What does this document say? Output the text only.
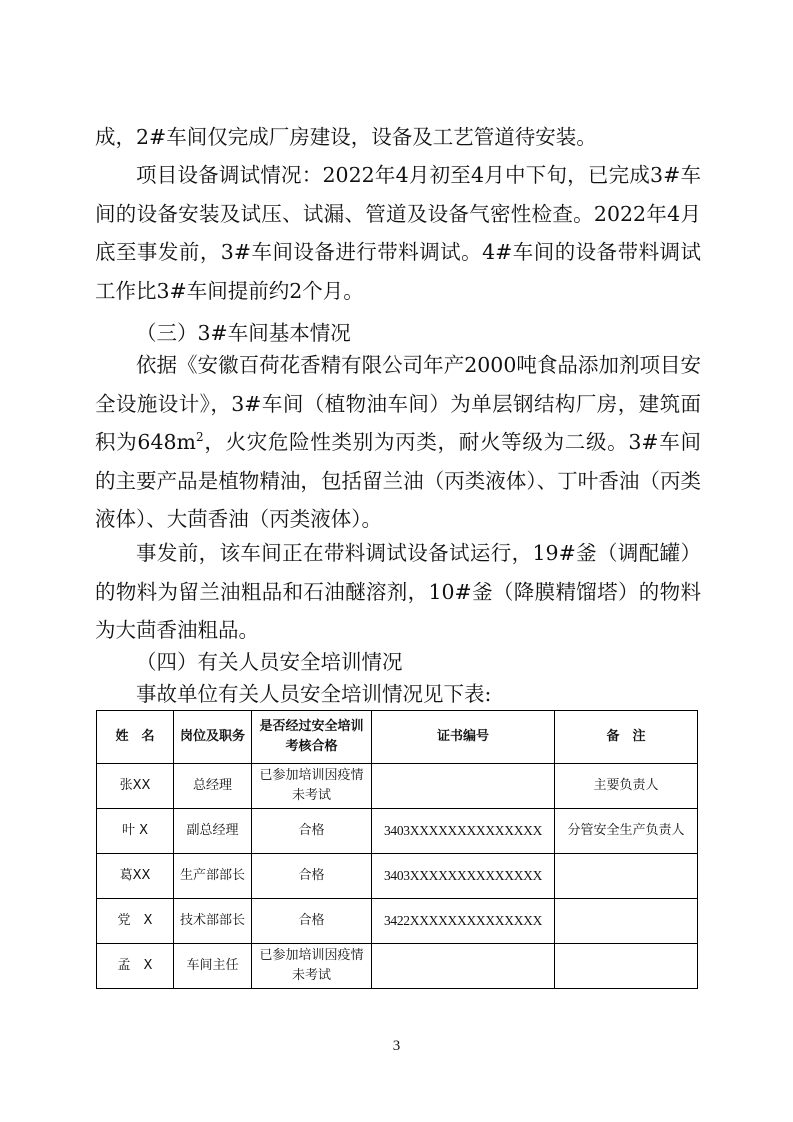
成，2#车间仅完成厂房建设，设备及工艺管道待安装。

项目设备调试情况：2022年4月初至4月中下旬，已完成3#车间的设备安装及试压、试漏、管道及设备气密性检查。2022年4月底至事发前，3#车间设备进行带料调试。4#车间的设备带料调试工作比3#车间提前约2个月。

（三）3#车间基本情况

依据《安徽百荷花香精有限公司年产2000吨食品添加剂项目安全设施设计》，3#车间（植物油车间）为单层钢结构厂房，建筑面积为$648m^2$，火灾危险性类别为丙类，耐火等级为二级。3#车间的主要产品是植物精油，包括留兰油（丙类液体）、丁叶香油（丙类液体）、大茴香油（丙类液体）。

事发前，该车间正在带料调试设备试运行，19#釜（调配罐）的物料为留兰油粗品和石油醚溶剂，10#釜（降膜精馏塔）的物料为大茴香油粗品。

（四）有关人员安全培训情况
事故单位有关人员安全培训情况见下表:
姓　名	岗位及职务	是否经过安全培训考核合格	证书编号	备　注
张XX	总经理	已参加培训因疫情未考试		主要负责人
叶 X	副总经理	合格	3403XXXXXXXXXXXXXX	分管安全生产负责人
葛XX	生产部部长	合格	3403XXXXXXXXXXXXXX	
党　X	技术部部长	合格	3422XXXXXXXXXXXXXX	
孟　X	车间主任	已参加培训因疫情未考试		
3
